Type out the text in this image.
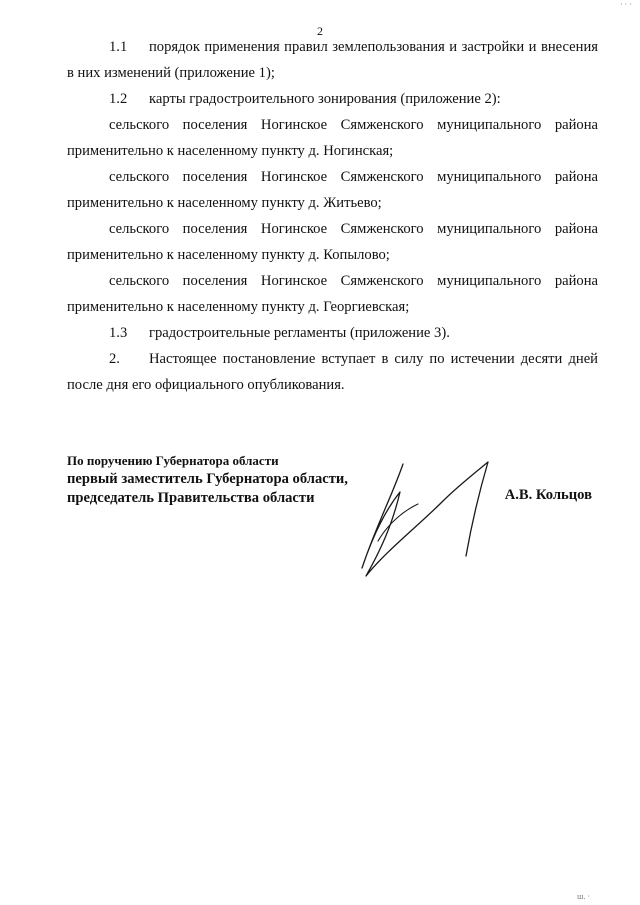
2

1.1 порядок применения правил землепользования и застройки и внесения в них изменений (приложение 1);

1.2 карты градостроительного зонирования (приложение 2):

сельского поселения Ногинское Сямженского муниципального района применительно к населенному пункту д. Ногинская;

сельского поселения Ногинское Сямженского муниципального района применительно к населенному пункту д. Житьево;

сельского поселения Ногинское Сямженского муниципального района применительно к населенному пункту д. Копылово;

сельского поселения Ногинское Сямженского муниципального района применительно к населенному пункту д. Георгиевская;

1.3 градостроительные регламенты (приложение 3).

2. Настоящее постановление вступает в силу по истечении десяти дней после дня его официального опубликования.

По поручению Губернатора области

первый заместитель Губернатора области,

председатель Правительства области	А.В. Кольцов
· · ·
ш. ·
